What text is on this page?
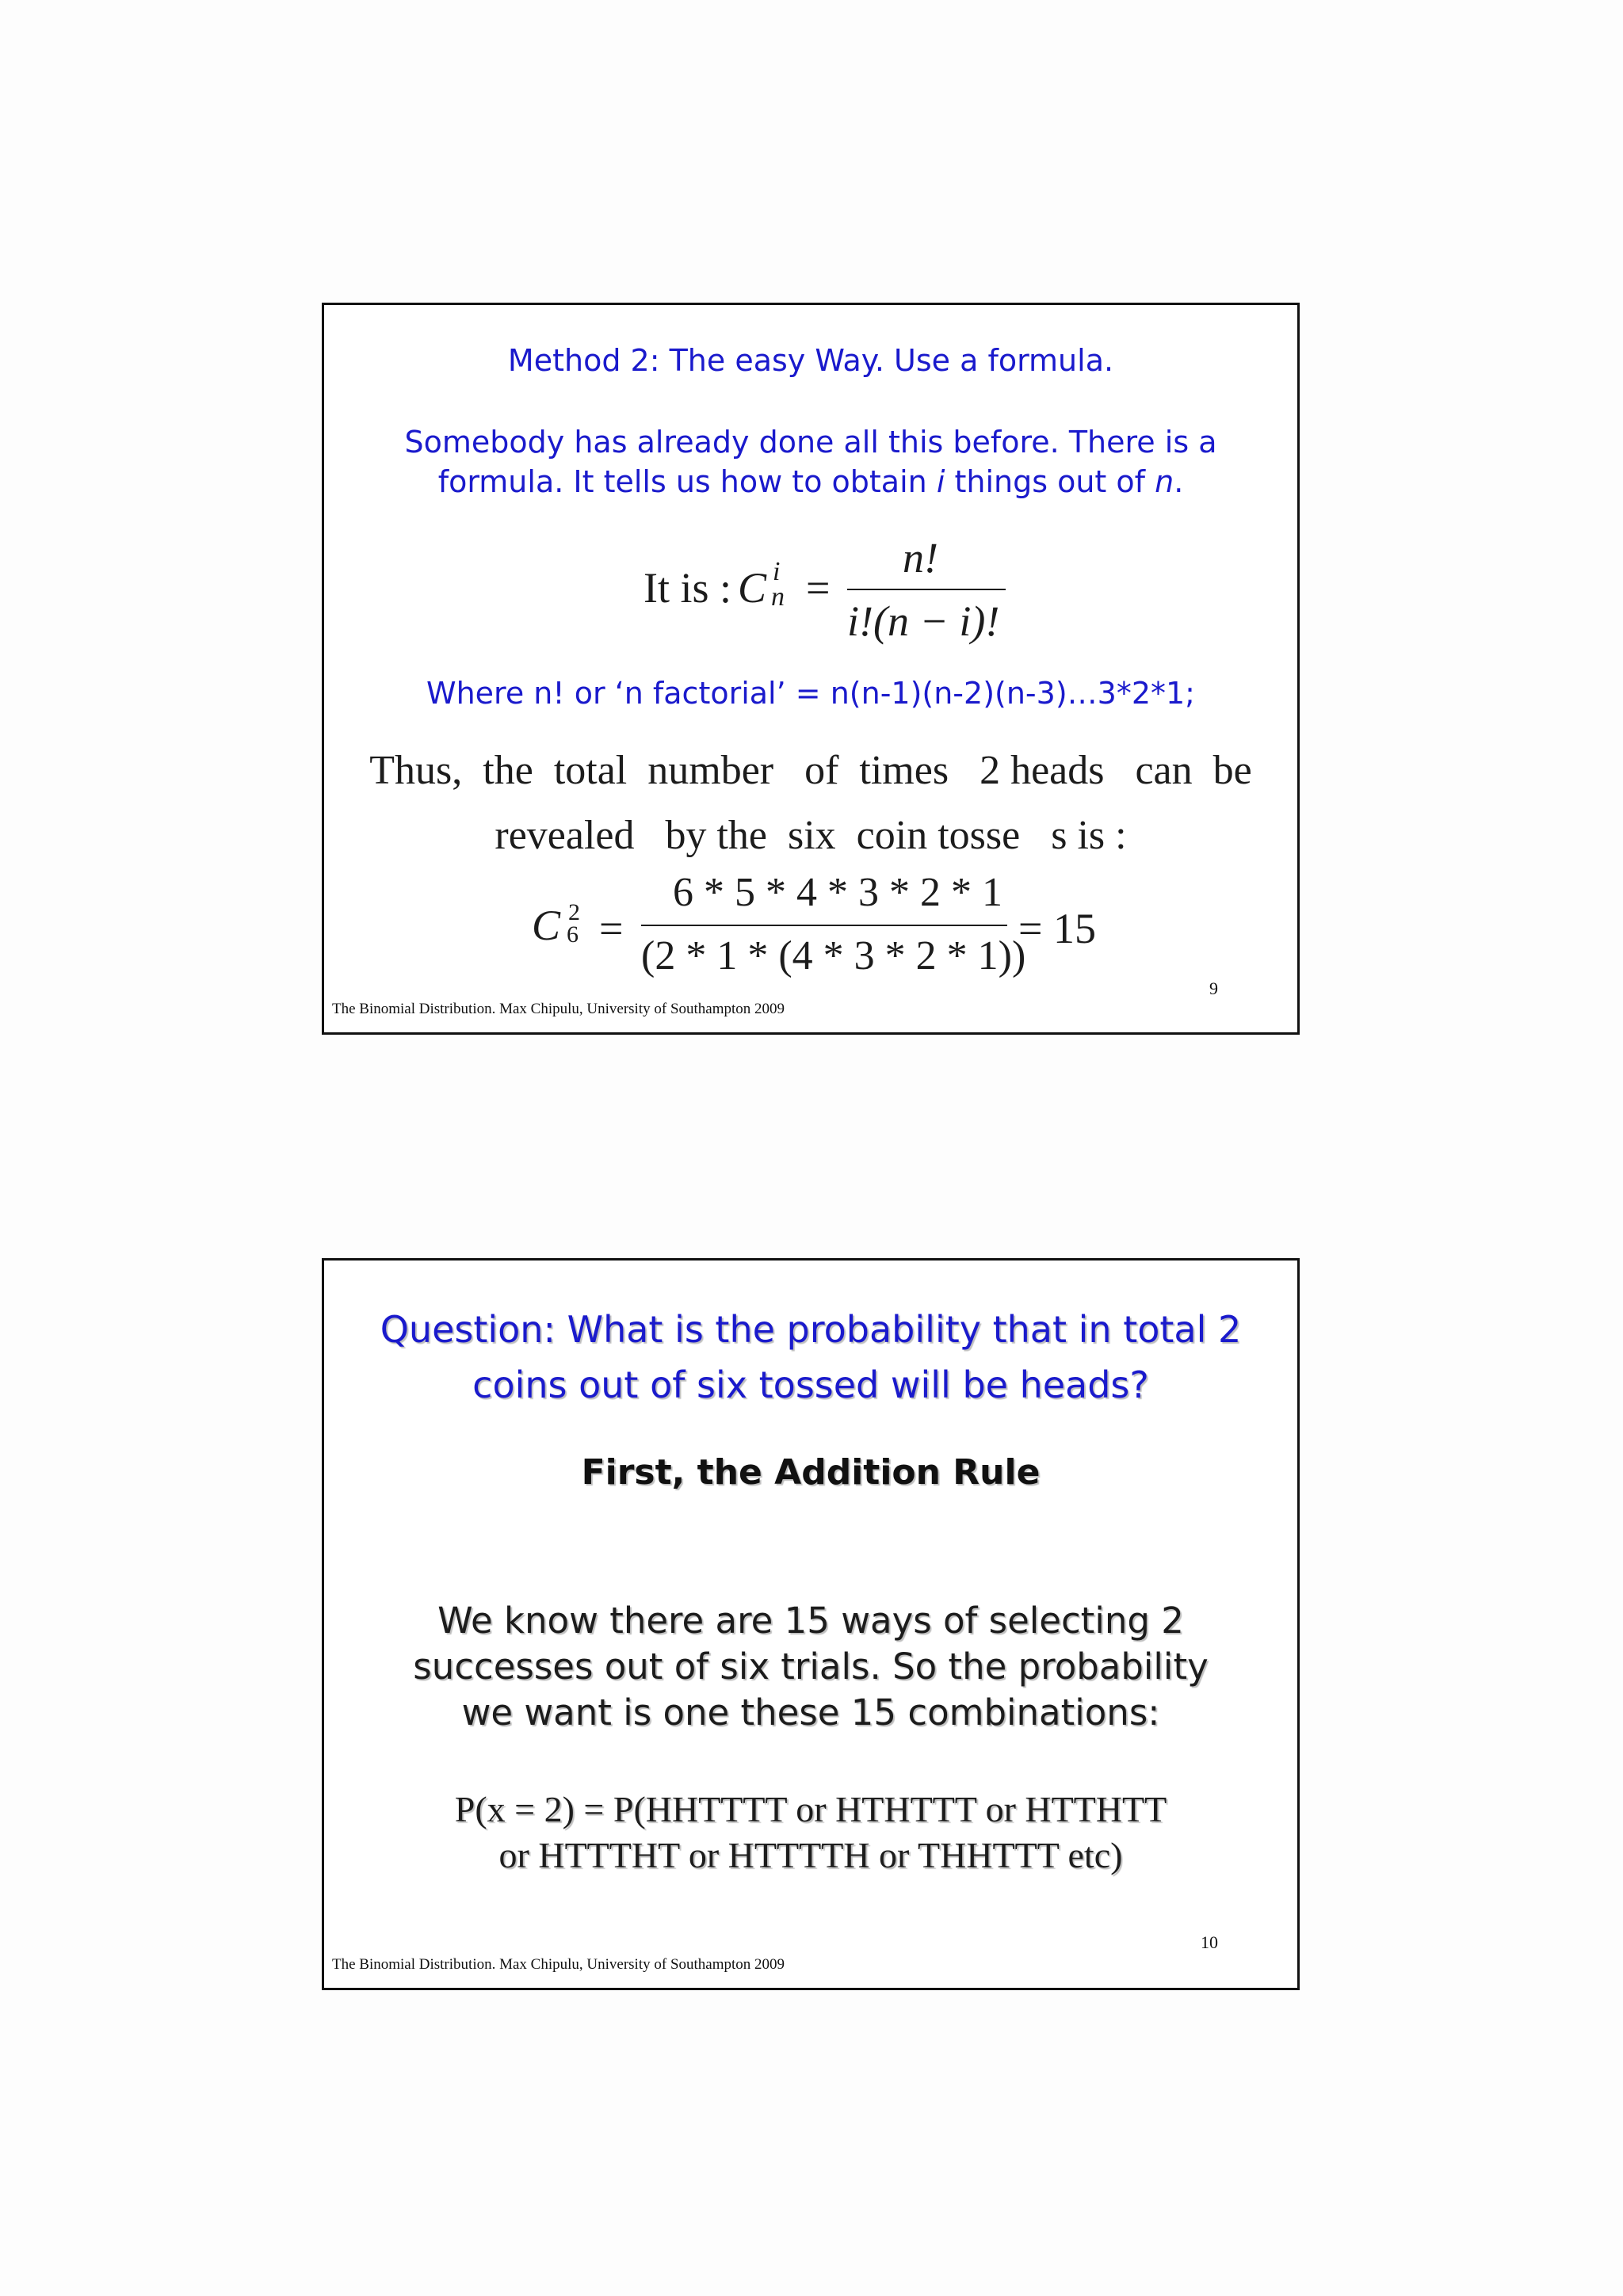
Method 2: The easy Way. Use a formula.
Somebody has already done all this before. There is a
formula. It tells us how to obtain i things out of n.
It is : C i
n =
n!
i!(n − i)!
Where n! or ‘n factorial’ = n(n-1)(n-2)(n-3)…3*2*1;
Thus,  the  total  number   of  times   2 heads   can  be
revealed   by the  six  coin tosse   s is :
C 2
6 =
6 * 5 * 4 * 3 * 2 * 1
(2 * 1 * (4 * 3 * 2 * 1))
= 15
9
The Binomial Distribution. Max Chipulu, University of Southampton 2009
Question: What is the probability that in total 2
coins out of six tossed will be heads?
First, the Addition Rule
We know there are 15 ways of selecting 2
successes out of six trials. So the probability
we want is one these 15 combinations:
P(x = 2) = P(HHTTTT or HTHTTT or HTTHTT
or HTTTHT or HTTTTH or THHTTT etc)
10
The Binomial Distribution. Max Chipulu, University of Southampton 2009
